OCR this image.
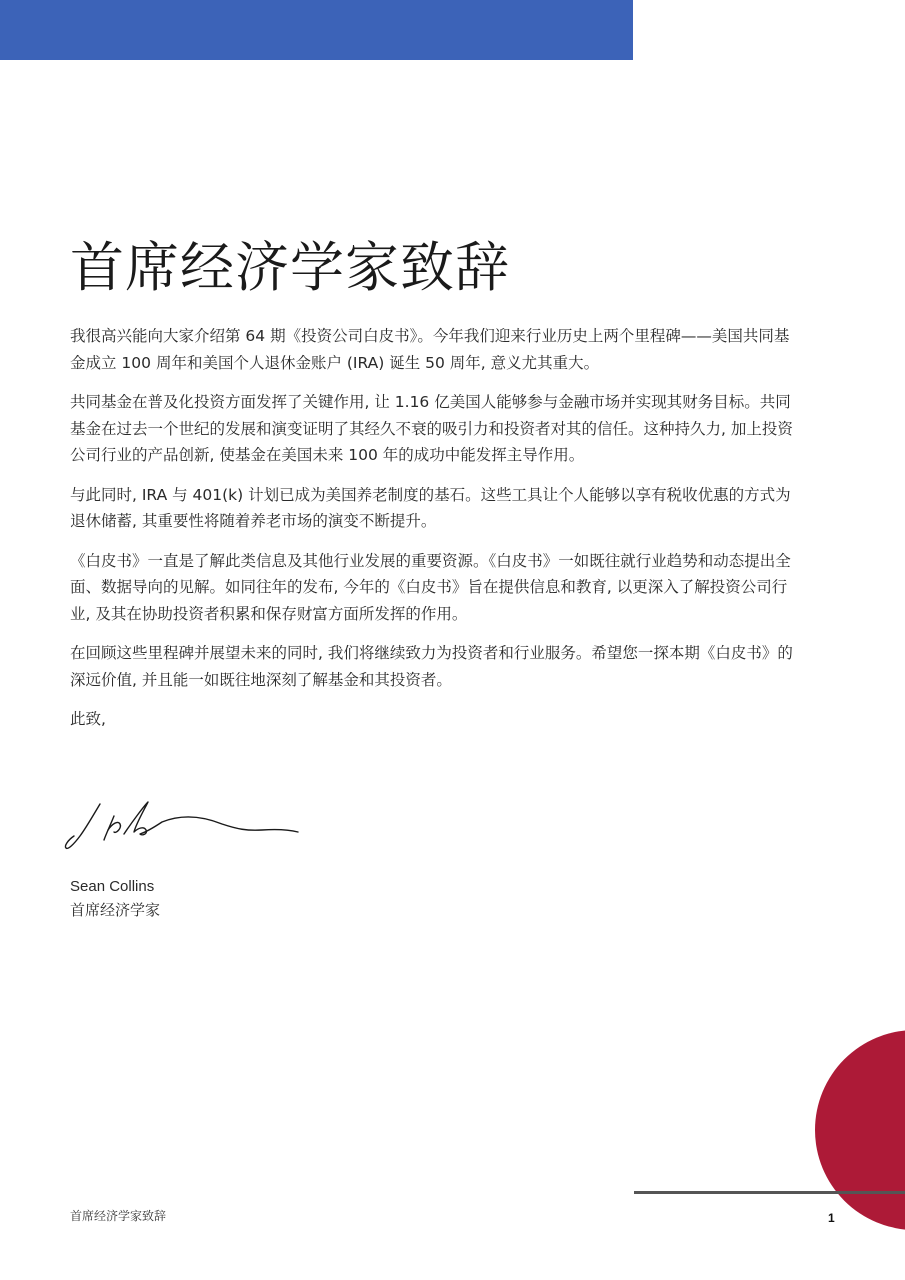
首席经济学家致辞

我很高兴能向大家介绍第 64 期《投资公司白皮书》。今年我们迎来行业历史上两个里程碑——美国共同基金成立 100 周年和美国个人退休金账户 (IRA) 诞生 50 周年, 意义尤其重大。

共同基金在普及化投资方面发挥了关键作用, 让 1.16 亿美国人能够参与金融市场并实现其财务目标。共同基金在过去一个世纪的发展和演变证明了其经久不衰的吸引力和投资者对其的信任。这种持久力, 加上投资公司行业的产品创新, 使基金在美国未来 100 年的成功中能发挥主导作用。

与此同时, IRA 与 401(k) 计划已成为美国养老制度的基石。这些工具让个人能够以享有税收优惠的方式为退休储蓄, 其重要性将随着养老市场的演变不断提升。

《白皮书》一直是了解此类信息及其他行业发展的重要资源。《白皮书》一如既往就行业趋势和动态提出全面、数据导向的见解。如同往年的发布, 今年的《白皮书》旨在提供信息和教育, 以更深入了解投资公司行业, 及其在协助投资者积累和保存财富方面所发挥的作用。

在回顾这些里程碑并展望未来的同时, 我们将继续致力为投资者和行业服务。希望您一探本期《白皮书》的深远价值, 并且能一如既往地深刻了解基金和其投资者。

此致,

Sean Collins
首席经济学家
首席经济学家致辞	1
